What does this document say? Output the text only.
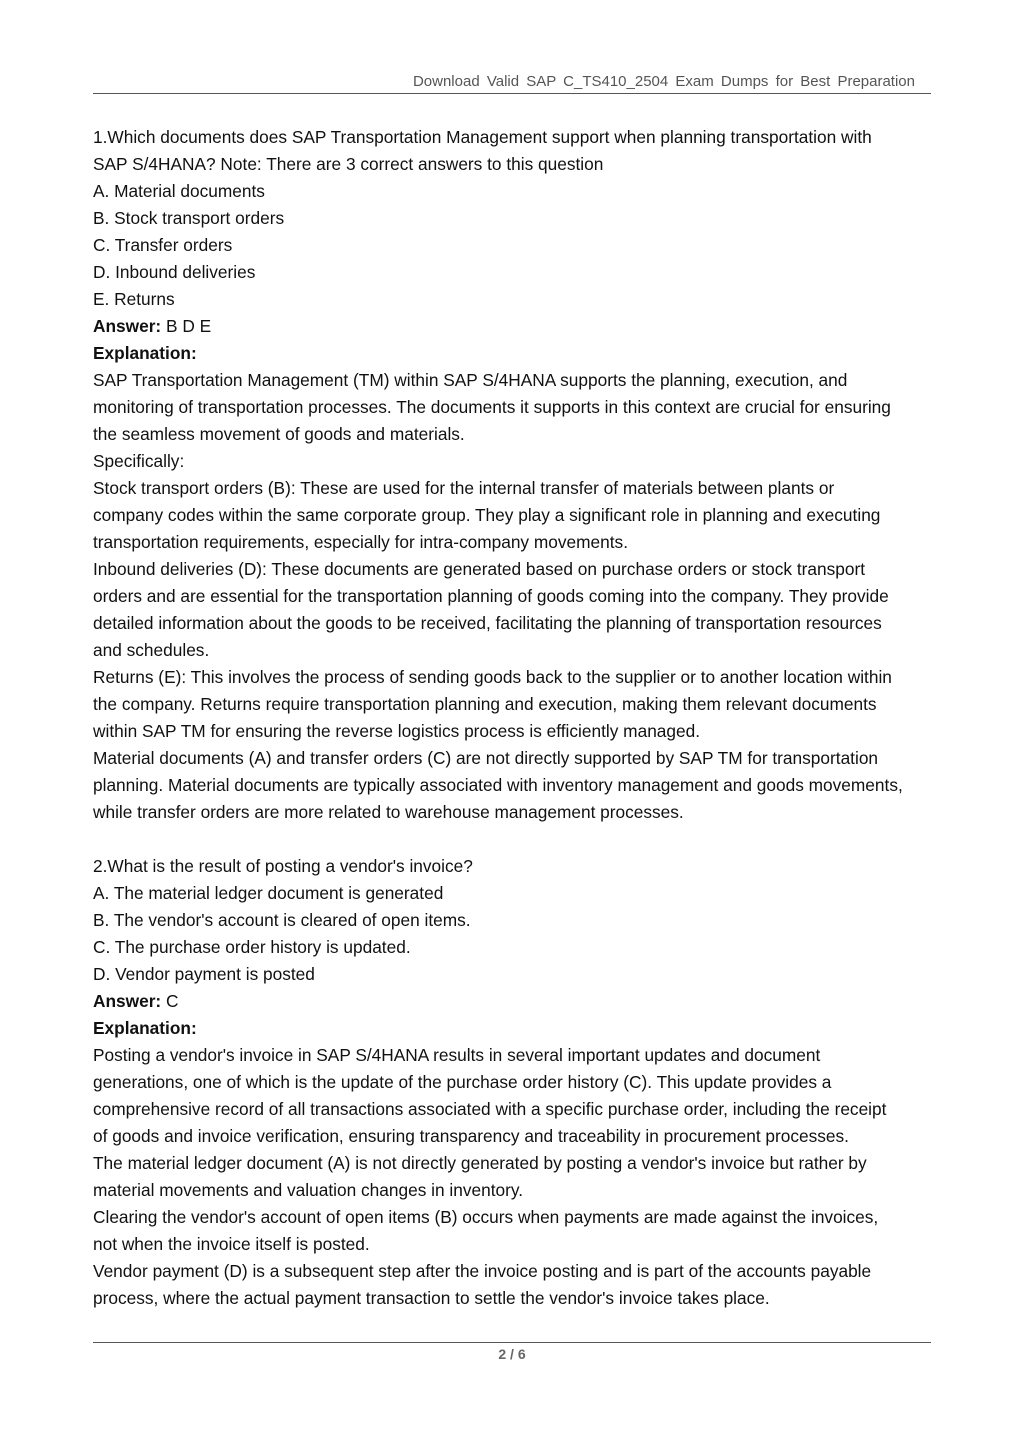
Download Valid SAP C_TS410_2504 Exam Dumps for Best Preparation
1.Which documents does SAP Transportation Management support when planning transportation with
SAP S/4HANA? Note: There are 3 correct answers to this question
A. Material documents
B. Stock transport orders
C. Transfer orders
D. Inbound deliveries
E. Returns
Answer: B D E
Explanation:
SAP Transportation Management (TM) within SAP S/4HANA supports the planning, execution, and
monitoring of transportation processes. The documents it supports in this context are crucial for ensuring
the seamless movement of goods and materials.
Specifically:
Stock transport orders (B): These are used for the internal transfer of materials between plants or
company codes within the same corporate group. They play a significant role in planning and executing
transportation requirements, especially for intra-company movements.
Inbound deliveries (D): These documents are generated based on purchase orders or stock transport
orders and are essential for the transportation planning of goods coming into the company. They provide
detailed information about the goods to be received, facilitating the planning of transportation resources
and schedules.
Returns (E): This involves the process of sending goods back to the supplier or to another location within
the company. Returns require transportation planning and execution, making them relevant documents
within SAP TM for ensuring the reverse logistics process is efficiently managed.
Material documents (A) and transfer orders (C) are not directly supported by SAP TM for transportation
planning. Material documents are typically associated with inventory management and goods movements,
while transfer orders are more related to warehouse management processes.
2.What is the result of posting a vendor's invoice?
A. The material ledger document is generated
B. The vendor's account is cleared of open items.
C. The purchase order history is updated.
D. Vendor payment is posted
Answer: C
Explanation:
Posting a vendor's invoice in SAP S/4HANA results in several important updates and document
generations, one of which is the update of the purchase order history (C). This update provides a
comprehensive record of all transactions associated with a specific purchase order, including the receipt
of goods and invoice verification, ensuring transparency and traceability in procurement processes.
The material ledger document (A) is not directly generated by posting a vendor's invoice but rather by
material movements and valuation changes in inventory.
Clearing the vendor's account of open items (B) occurs when payments are made against the invoices,
not when the invoice itself is posted.
Vendor payment (D) is a subsequent step after the invoice posting and is part of the accounts payable
process, where the actual payment transaction to settle the vendor's invoice takes place.
2 / 6
